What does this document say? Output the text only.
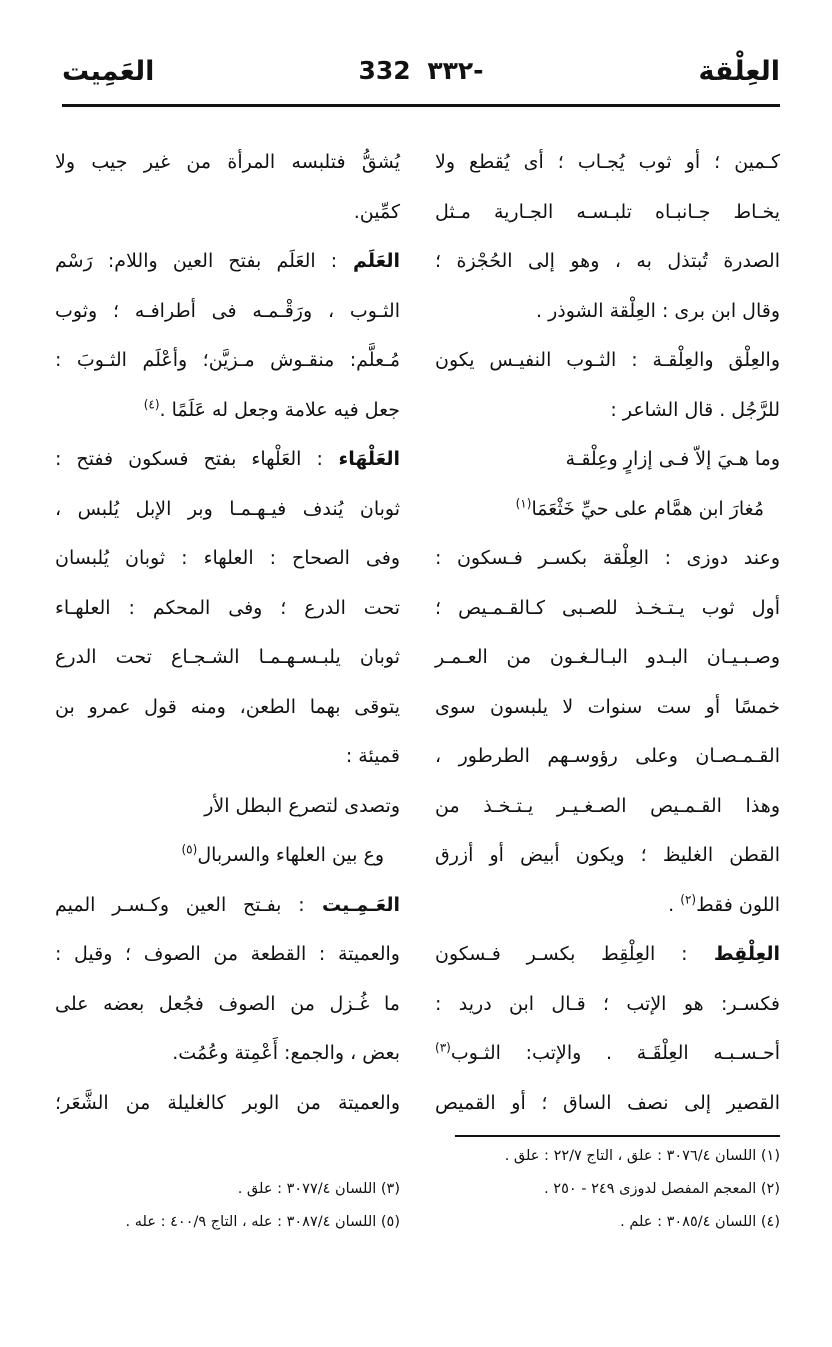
العِلْقة
332 ٣٣٢-
العَمِيت
كـمين ؛ أو ثوب يُجـاب ؛ أى يُقطع ولا
يخـاط جـانبـاه تلبـسـه الجـارية مـثل
الصدرة تُبتذل به ، وهو إلى الحُجْزة ؛
وقال ابن برى : العِلْقة الشوذر .
والعِلْق والعِلْقـة : الثـوب النفيـس يكون
للرَّجُل . قال الشاعر :
وما هـيَ إلاّ فـى إزارٍ وعِلْقـة
مُغارَ ابن همَّام على حيِّ خَثْعَمَا$^{(١)}$
وعند دوزى : العِلْقة بكسـر فـسكون :
أول ثوب يـتـخـذ للصـبى كـالقـمـيص ؛
وصـبـيـان البـدو البـالـغـون من العـمـر
خمسًا أو ست سنوات لا يلبسون سوى
القـمـصـان وعلى رؤوسـهم الطرطور ،
وهذا القـمـيص الصـغـيـر يـتـخـذ من
القطن الغليظ ؛ ويكون أبيض أو أزرق
اللون فقط$^{(٢)}$ .
العِلْقِط : العِلْقِط بكسـر فـسكون
فكسـر: هو الإتب ؛ قـال ابن دريد :
أحـسـبـه العِلْقَـة . والإتب: الثـوب$^{(٣)}$
القصير إلى نصف الساق ؛ أو القميص
يُشقُّ فتلبسه المرأة من غير جيب ولا
كمِّين.
العَلَم : العَلَم بفتح العين واللام: رَسْم
الثـوب ، ورَقْـمـه فى أطرافـه ؛ وثوب
مُـعلَّم: منقـوش مـزيَّن؛ وأعْلَم الثـوبَ :
جعل فيه علامة وجعل له عَلَمًا .$^{(٤)}$
العَلْهَاء : العَلْهاء بفتح فسكون ففتح :
ثوبان يُندف فيـهـمـا وبر الإبل يُلبس ،
وفى الصحاح : العلهاء : ثوبان يُلبسان
تحت الدرع ؛ وفى المحكم : العلهـاء
ثوبان يلبـسـهـمـا الشـجـاع تحت الدرع
يتوقى بهما الطعن، ومنه قول عمرو بن
قميئة :
وتصدى لتصرع البطل الأر
وع بين العلهاء والسربال$^{(٥)}$
العَـمِـيت : بفـتح العين وكـسـر الميم
والعميتة : القطعة من الصوف ؛ وقيل :
ما غُـزل من الصوف فجُعل بعضه على
بعض ، والجمع: أَعْمِتة وعُمُت.
والعميتة من الوبر كالغليلة من الشَّعَر؛
(١) اللسان ٣٠٧٦/٤ : علق ، التاج ٢٢/٧ : علق .
(٢) المعجم المفصل لدوزى ٢٤٩ - ٢٥٠ .
(٤) اللسان ٣٠٨٥/٤ : علم .
(٣) اللسان ٣٠٧٧/٤ : علق .
(٥) اللسان ٣٠٨٧/٤ : عله ، التاج ٤٠٠/٩ : عله .
